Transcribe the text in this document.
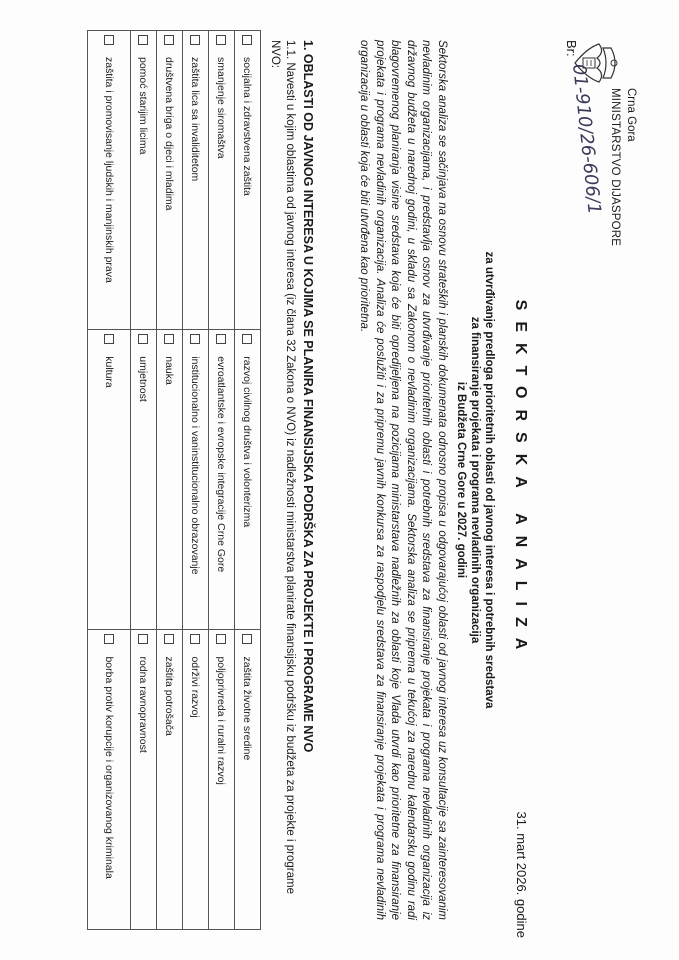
Crna Gora
MINISTARSTVO DIJASPORE
Br:
01-910/26-606/1
31. mart 2026. godine
SEKTORSKA ANALIZA
za utvrđivanje predloga prioritetnih oblasti od javnog interesa i potrebnih sredstava
za finansiranje projekata i programa nevladinih organizacija
iz Budžeta Crne Gore u 2027. godini
Sektorska analiza se sačinjava na osnovu strateških i planskih dokumenata odnosno propisa u odgovarajućoj oblasti od javnog interesa uz konsultacije sa zainteresovanim nevladinim organizacijama, i predstavlja osnov za utvrđivanje prioritetnih oblasti i potrebnih sredstava za finansiranje projekata i programa nevladinih organizacija iz državnog budžeta u narednoj godini, u skladu sa Zakonom o nevladinim organizacijama. Sektorska analiza se priprema u tekućoj za narednu kalendarsku godinu radi blagovremenog planiranja visine sredstava koja će biti opredijeljena na pozicijama ministarstava nadležnih za oblasti koje Vlada utvrdi kao prioritetne za finansiranje projekata i programa nevladinih organizacija. Analiza će poslužiti i za pripremu javnih konkursa za raspodjelu sredstava za finansiranje projekata i programa nevladinih organizacija u oblasti koja će biti utvrđena kao prioritetna.
1. OBLASTI OD JAVNOG INTERESA U KOJIMA SE PLANIRA FINANSIJSKA PODRŠKA ZA PROJEKTE I PROGRAME NVO
1.1. Navesti u kojim oblastima od javnog interesa (iz člana 32 Zakona o NVO) iz nadležnosti ministarstva planirate finansijsku podršku iz budžeta za projekte i programe NVO:
socijalna i zdravstvena zaštita	razvoj civilnog društva i volonterizma	zaštita životne sredine

smanjenje siromaštva	evroatlantske i evropske integracije Crne Gore	poljoprivreda i ruralni razvoj

zaštita lica sa invaliditetom	institucionalno i vaninstitucionalno obrazovanje	održivi razvoj

društvena briga o djeci i mladima	nauka	zaštita potrošača

pomoć starijim licima	umjetnost	rodna ravnopravnost

zaštita i promovisanje ljudskih i manjinskih prava	kultura	borba protiv korupcije i organizovanog kriminala
